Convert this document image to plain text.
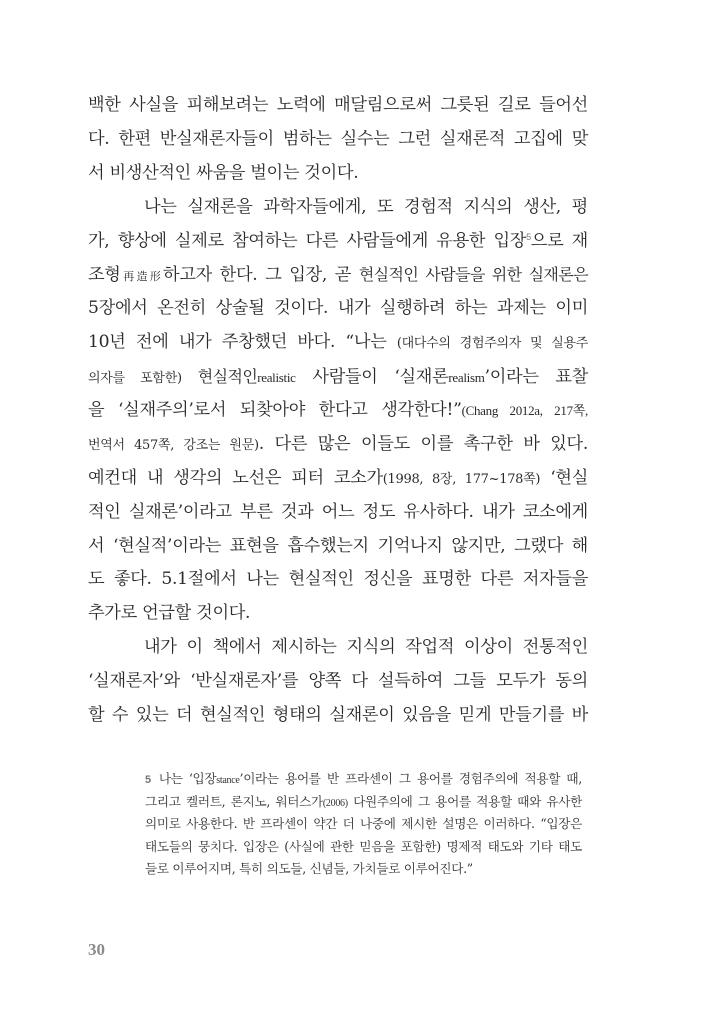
백한 사실을 피해보려는 노력에 매달림으로써 그릇된 길로 들어선
다. 한편 반실재론자들이 범하는 실수는 그런 실재론적 고집에 맞
서 비생산적인 싸움을 벌이는 것이다.
나는 실재론을 과학자들에게, 또 경험적 지식의 생산, 평
가, 향상에 실제로 참여하는 다른 사람들에게 유용한 입장$^5$으로 재
조형再造形하고자 한다. 그 입장, 곧 현실적인 사람들을 위한 실재론은
5장에서 온전히 상술될 것이다. 내가 실행하려 하는 과제는 이미
10년 전에 내가 주창했던 바다. “나는 (대다수의 경험주의자 및 실용주
의자를 포함한) 현실적인realistic 사람들이 ‘실재론realism’이라는 표찰
을 ‘실재주의’로서 되찾아야 한다고 생각한다!”(Chang 2012a, 217쪽,
번역서 457쪽, 강조는 원문). 다른 많은 이들도 이를 촉구한 바 있다.
예컨대 내 생각의 노선은 피터 코소가(1998, 8장, 177~178쪽) ‘현실
적인 실재론’이라고 부른 것과 어느 정도 유사하다. 내가 코소에게
서 ‘현실적’이라는 표현을 흡수했는지 기억나지 않지만, 그랬다 해
도 좋다. 5.1절에서 나는 현실적인 정신을 표명한 다른 저자들을
추가로 언급할 것이다.
내가 이 책에서 제시하는 지식의 작업적 이상이 전통적인
‘실재론자’와 ‘반실재론자’를 양쪽 다 설득하여 그들 모두가 동의
할 수 있는 더 현실적인 형태의 실재론이 있음을 믿게 만들기를 바
5 나는 ‘입장stance’이라는 용어를 반 프라센이 그 용어를 경험주의에 적용할 때,
그리고 켈러트, 론지노, 워터스가(2006) 다원주의에 그 용어를 적용할 때와 유사한
의미로 사용한다. 반 프라센이 약간 더 나중에 제시한 설명은 이러하다. “입장은
태도들의 뭉치다. 입장은 (사실에 관한 믿음을 포함한) 명제적 태도와 기타 태도
들로 이루어지며, 특히 의도들, 신념들, 가치들로 이루어진다.”
30
